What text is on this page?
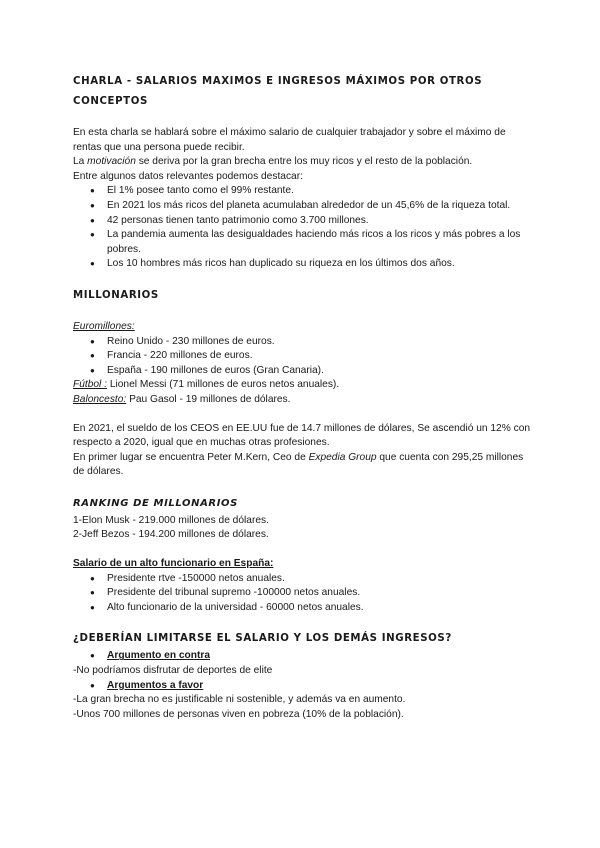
CHARLA - SALARIOS MAXIMOS E INGRESOS MÁXIMOS POR OTROS
CONCEPTOS

En esta charla se hablará sobre el máximo salario de cualquier trabajador y sobre el máximo de rentas que una persona puede recibir.

La motivación se deriva por la gran brecha entre los muy ricos y el resto de la población.

Entre algunos datos relevantes podemos destacar:

● El 1% posee tanto como el 99% restante.
● En 2021 los más ricos del planeta acumulaban alrededor de un 45,6% de la riqueza total.
● 42 personas tienen tanto patrimonio como 3.700 millones.
● La pandemia aumenta las desigualdades haciendo más ricos a los ricos y más pobres a los pobres.
● Los 10 hombres más ricos han duplicado su riqueza en los últimos dos años.
MILLONARIOS

Euromillones:

● Reino Unido - 230 millones de euros.
● Francia - 220 millones de euros.
● España - 190 millones de euros (Gran Canaria).

Fútbol : Lionel Messi (71 millones de euros netos anuales).

Baloncesto: Pau Gasol - 19 millones de dólares.

En 2021, el sueldo de los CEOS en EE.UU fue de 14.7 millones de dólares, Se ascendió un 12% con respecto a 2020, igual que en muchas otras profesiones.

En primer lugar se encuentra Peter M.Kern, Ceo de Expedia Group que cuenta con 295,25 millones de dólares.

RANKING DE MILLONARIOS

1-Elon Musk - 219.000 millones de dólares.

2-Jeff Bezos - 194.200 millones de dólares.

Salario de un alto funcionario en España:

● Presidente rtve -150000 netos anuales.
● Presidente del tribunal supremo -100000 netos anuales.
● Alto funcionario de la universidad - 60000 netos anuales.
¿DEBERÍAN LIMITARSE EL SALARIO Y LOS DEMÁS INGRESOS?
● Argumento en contra

-No podríamos disfrutar de deportes de elite

● Argumentos a favor

-La gran brecha no es justificable ni sostenible, y además va en aumento.

-Unos 700 millones de personas viven en pobreza (10% de la población).
